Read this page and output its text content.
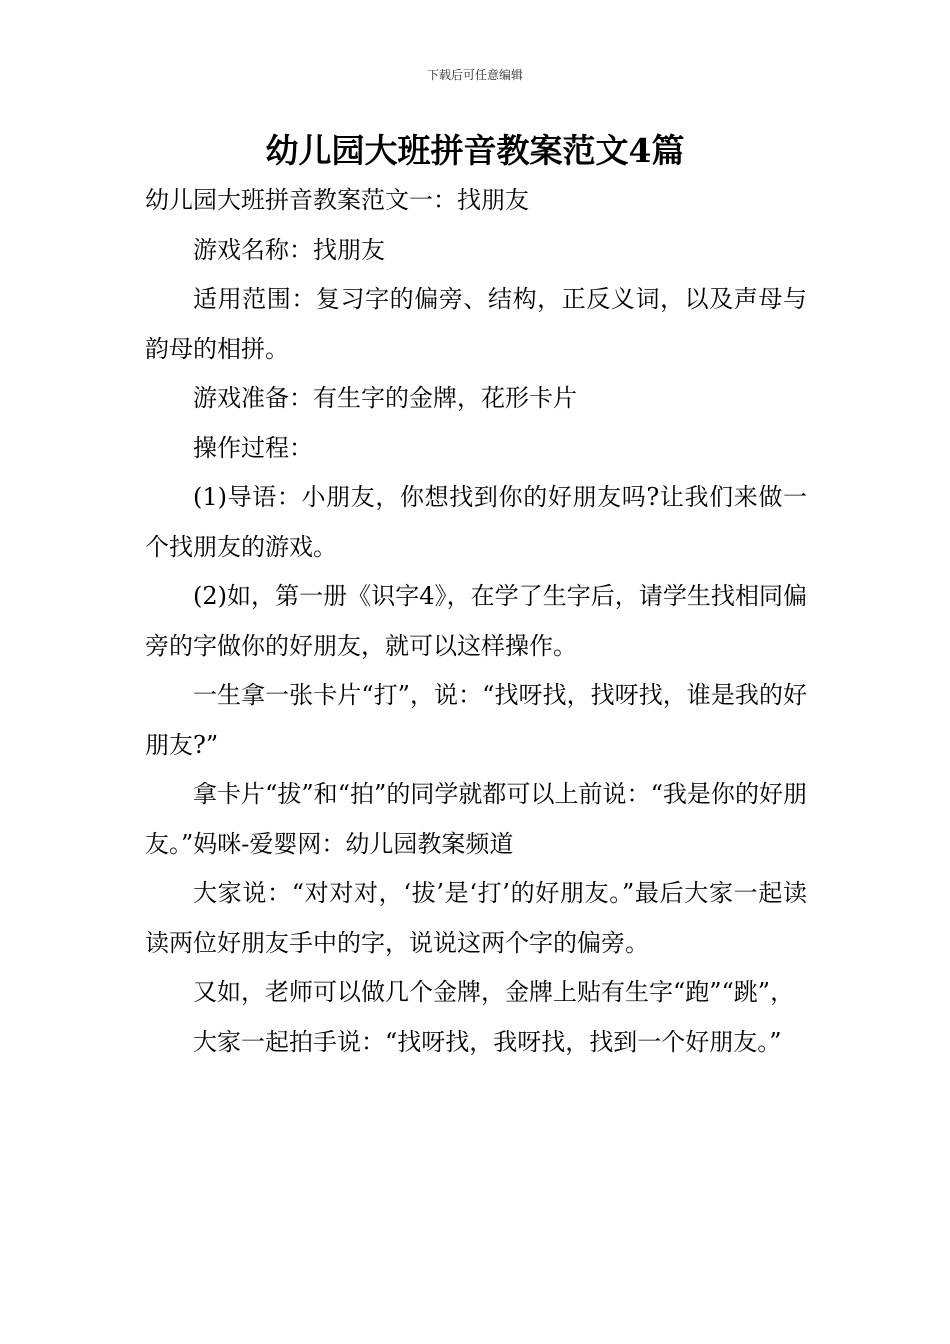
下载后可任意编辑
幼儿园大班拼音教案范文4篇

幼儿园大班拼音教案范文一：找朋友

游戏名称：找朋友

适用范围：复习字的偏旁、结构，正反义词，以及声母与韵母的相拼。

游戏准备：有生字的金牌，花形卡片

操作过程：

(1)导语：小朋友，你想找到你的好朋友吗?让我们来做一个找朋友的游戏。

(2)如，第一册《识字4》，在学了生字后，请学生找相同偏旁的字做你的好朋友，就可以这样操作。

一生拿一张卡片“打”，说：“找呀找，找呀找，谁是我的好朋友?”

拿卡片“拔”和“拍”的同学就都可以上前说：“我是你的好朋友。”妈咪-爱婴网：幼儿园教案频道

大家说：“对对对，‘拔’是‘打’的好朋友。”最后大家一起读读两位好朋友手中的字，说说这两个字的偏旁。

又如，老师可以做几个金牌，金牌上贴有生字“跑”“跳”，

大家一起拍手说：“找呀找，我呀找，找到一个好朋友。”
